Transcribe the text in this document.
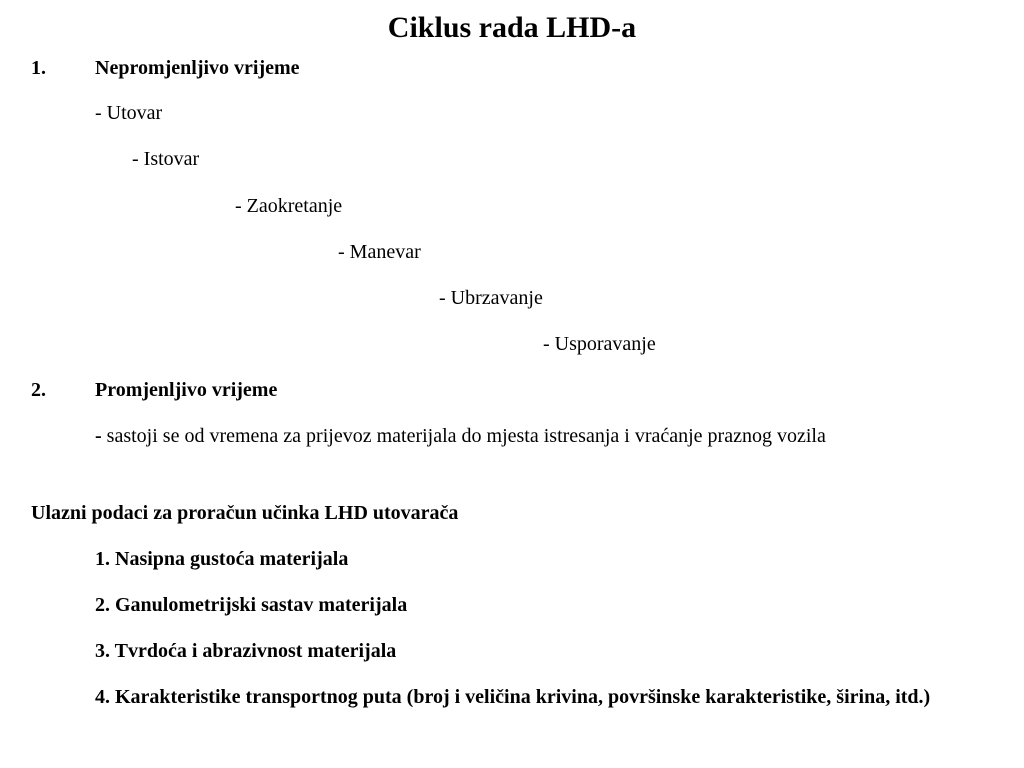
Ciklus rada LHD-a
1. Nepromjenljivo vrijeme
- Utovar
- Istovar
- Zaokretanje
- Manevar
- Ubrzavanje
- Usporavanje
2. Promjenljivo vrijeme
- sastoji se od vremena za prijevoz materijala do mjesta istresanja i vraćanje praznog vozila
Ulazni podaci za proračun učinka LHD utovarača
1. Nasipna gustoća materijala
2. Ganulometrijski sastav materijala
3. Tvrdoća i abrazivnost materijala
4. Karakteristike transportnog puta (broj i veličina krivina, površinske karakteristike, širina, itd.)
